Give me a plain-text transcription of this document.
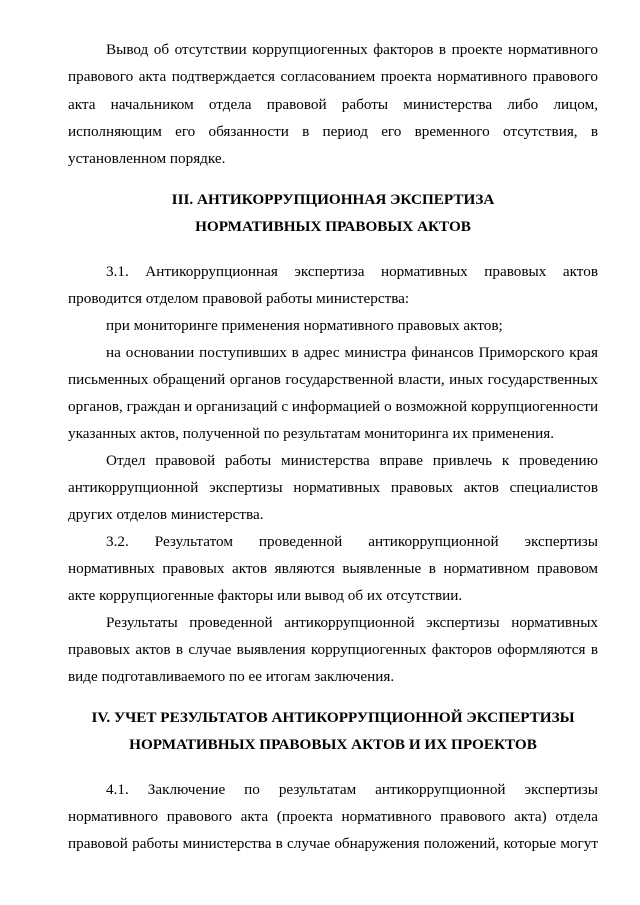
Вывод об отсутствии коррупциогенных факторов в проекте нормативного
правового акта подтверждается согласованием проекта нормативного правового
акта начальником отдела правовой работы министерства либо лицом,
исполняющим его обязанности в период его временного отсутствия, в
установленном порядке.
III. АНТИКОРРУПЦИОННАЯ ЭКСПЕРТИЗА
НОРМАТИВНЫХ ПРАВОВЫХ АКТОВ
3.1. Антикоррупционная экспертиза нормативных правовых актов
проводится отделом правовой работы министерства:
при мониторинге применения нормативного правовых актов;
на основании поступивших в адрес министра финансов Приморского края
письменных обращений органов государственной власти, иных государственных
органов, граждан и организаций с информацией о возможной коррупциогенности
указанных актов, полученной по результатам мониторинга их применения.
Отдел правовой работы министерства вправе привлечь к проведению
антикоррупционной экспертизы нормативных правовых актов специалистов
других отделов министерства.
3.2. Результатом проведенной антикоррупционной экспертизы
нормативных правовых актов являются выявленные в нормативном правовом
акте коррупциогенные факторы или вывод об их отсутствии.
Результаты проведенной антикоррупционной экспертизы нормативных
правовых актов в случае выявления коррупциогенных факторов оформляются в
виде подготавливаемого по ее итогам заключения.
IV. УЧЕТ РЕЗУЛЬТАТОВ АНТИКОРРУПЦИОННОЙ ЭКСПЕРТИЗЫ
НОРМАТИВНЫХ ПРАВОВЫХ АКТОВ И ИХ ПРОЕКТОВ
4.1. Заключение по результатам антикоррупционной экспертизы
нормативного правового акта (проекта нормативного правового акта) отдела
правовой работы министерства в случае обнаружения положений, которые могут
